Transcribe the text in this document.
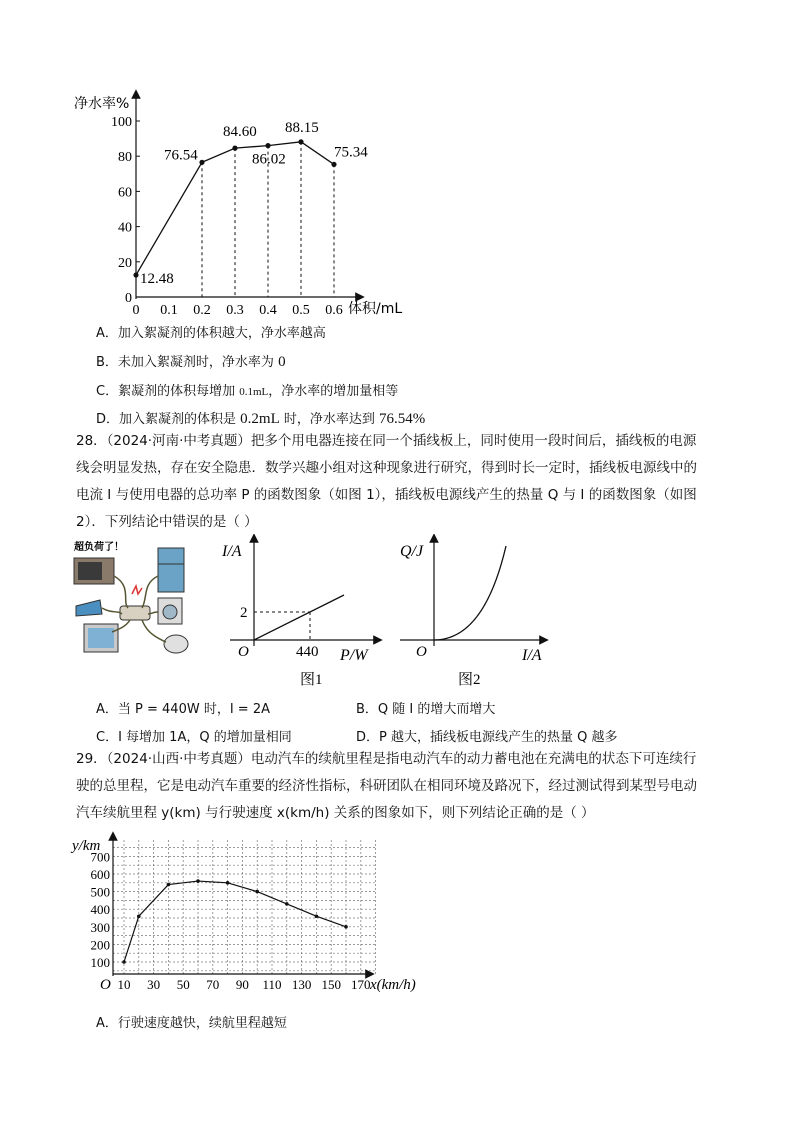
净水率%
体积/mL
0
20
40
60
80
100
0 0.1 0.2 0.3 0.4 0.5 0.6
12.48
76.54
84.60
86.02
88.15
75.34
A．加入絮凝剂的体积越大，净水率越高
B．未加入絮凝剂时，净水率为 0
C．絮凝剂的体积每增加 0.1mL，净水率的增加量相等
D．加入絮凝剂的体积是 0.2mL 时，净水率达到 76.54%
28．（2024·河南·中考真题）把多个用电器连接在同一个插线板上，同时使用一段时间后，插线板的电源
线会明显发热，存在安全隐患．数学兴趣小组对这种现象进行研究，得到时长一定时，插线板电源线中的
电流 I 与使用电器的总功率 P 的函数图象（如图 1），插线板电源线产生的热量 Q 与 I 的函数图象（如图
2）．下列结论中错误的是（ ）
超负荷了！	I/A
P/W
O
2
440
图1
Q/J
I/A
O
图2
A．当 P = 440W 时，I = 2A	B．Q 随 I 的增大而增大
C．I 每增加 1A，Q 的增加量相同	D．P 越大，插线板电源线产生的热量 Q 越多
29．（2024·山西·中考真题）电动汽车的续航里程是指电动汽车的动力蓄电池在充满电的状态下可连续行
驶的总里程，它是电动汽车重要的经济性指标，科研团队在相同环境及路况下，经过测试得到某型号电动
汽车续航里程 y(km) 与行驶速度 x(km/h) 关系的图象如下，则下列结论正确的是（ ）
y/km
x(km/h)
O
100
200
300
400
500
600
700
10 30 50 70 90 110 130 150 170
A．行驶速度越快，续航里程越短
